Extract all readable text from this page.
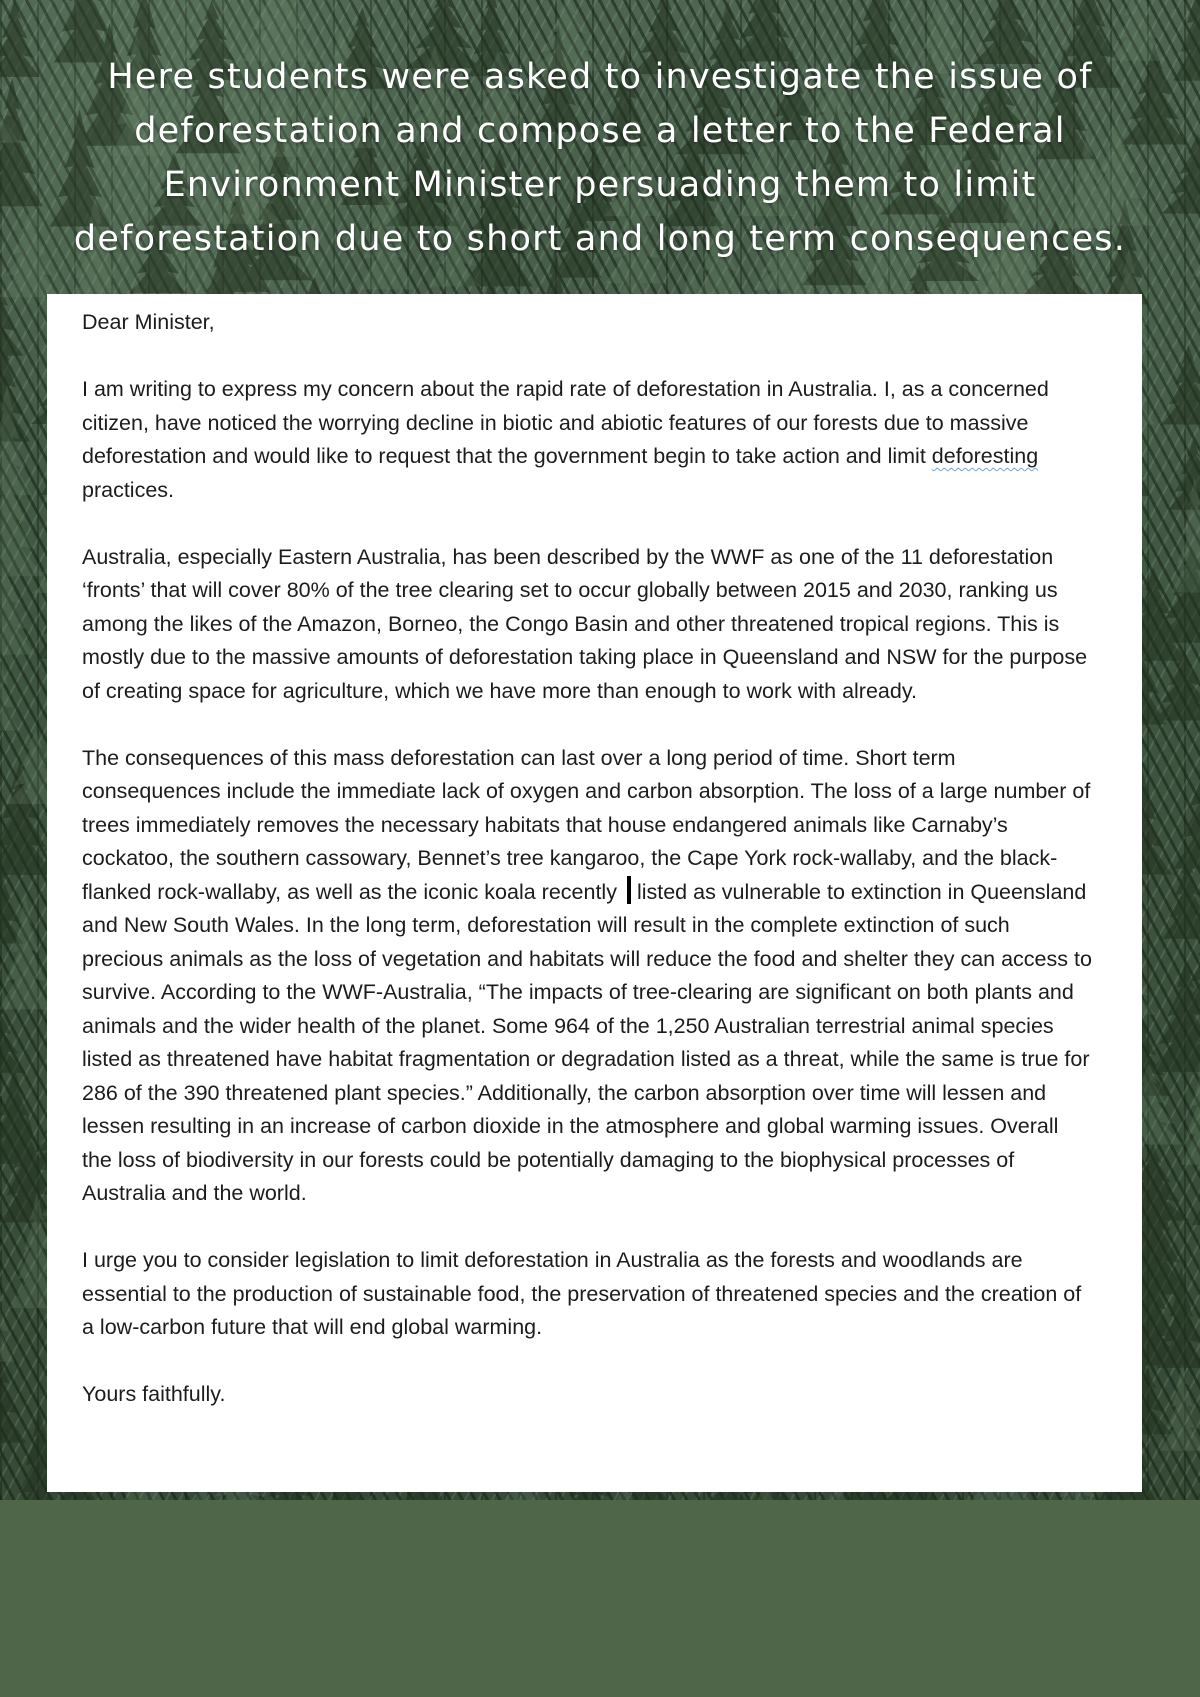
Here students were asked to investigate the issue of deforestation and compose a letter to the Federal Environment Minister persuading them to limit deforestation due to short and long term consequences.

Dear Minister,

I am writing to express my concern about the rapid rate of deforestation in Australia. I, as a concerned citizen, have noticed the worrying decline in biotic and abiotic features of our forests due to massive deforestation and would like to request that the government begin to take action and limit deforesting practices.

Australia, especially Eastern Australia, has been described by the WWF as one of the 11 deforestation ‘fronts’ that will cover 80% of the tree clearing set to occur globally between 2015 and 2030, ranking us among the likes of the Amazon, Borneo, the Congo Basin and other threatened tropical regions. This is mostly due to the massive amounts of deforestation taking place in Queensland and NSW for the purpose of creating space for agriculture, which we have more than enough to work with already.

The consequences of this mass deforestation can last over a long period of time. Short term consequences include the immediate lack of oxygen and carbon absorption. The loss of a large number of trees immediately removes the necessary habitats that house endangered animals like Carnaby’s cockatoo, the southern cassowary, Bennet’s tree kangaroo, the Cape York rock-wallaby, and the black-flanked rock-wallaby, as well as the iconic koala recently listed as vulnerable to extinction in Queensland and New South Wales. In the long term, deforestation will result in the complete extinction of such precious animals as the loss of vegetation and habitats will reduce the food and shelter they can access to survive. According to the WWF-Australia, “The impacts of tree-clearing are significant on both plants and animals and the wider health of the planet. Some 964 of the 1,250 Australian terrestrial animal species listed as threatened have habitat fragmentation or degradation listed as a threat, while the same is true for 286 of the 390 threatened plant species.” Additionally, the carbon absorption over time will lessen and lessen resulting in an increase of carbon dioxide in the atmosphere and global warming issues. Overall the loss of biodiversity in our forests could be potentially damaging to the biophysical processes of Australia and the world.

I urge you to consider legislation to limit deforestation in Australia as the forests and woodlands are essential to the production of sustainable food, the preservation of threatened species and the creation of a low-carbon future that will end global warming.

Yours faithfully.
